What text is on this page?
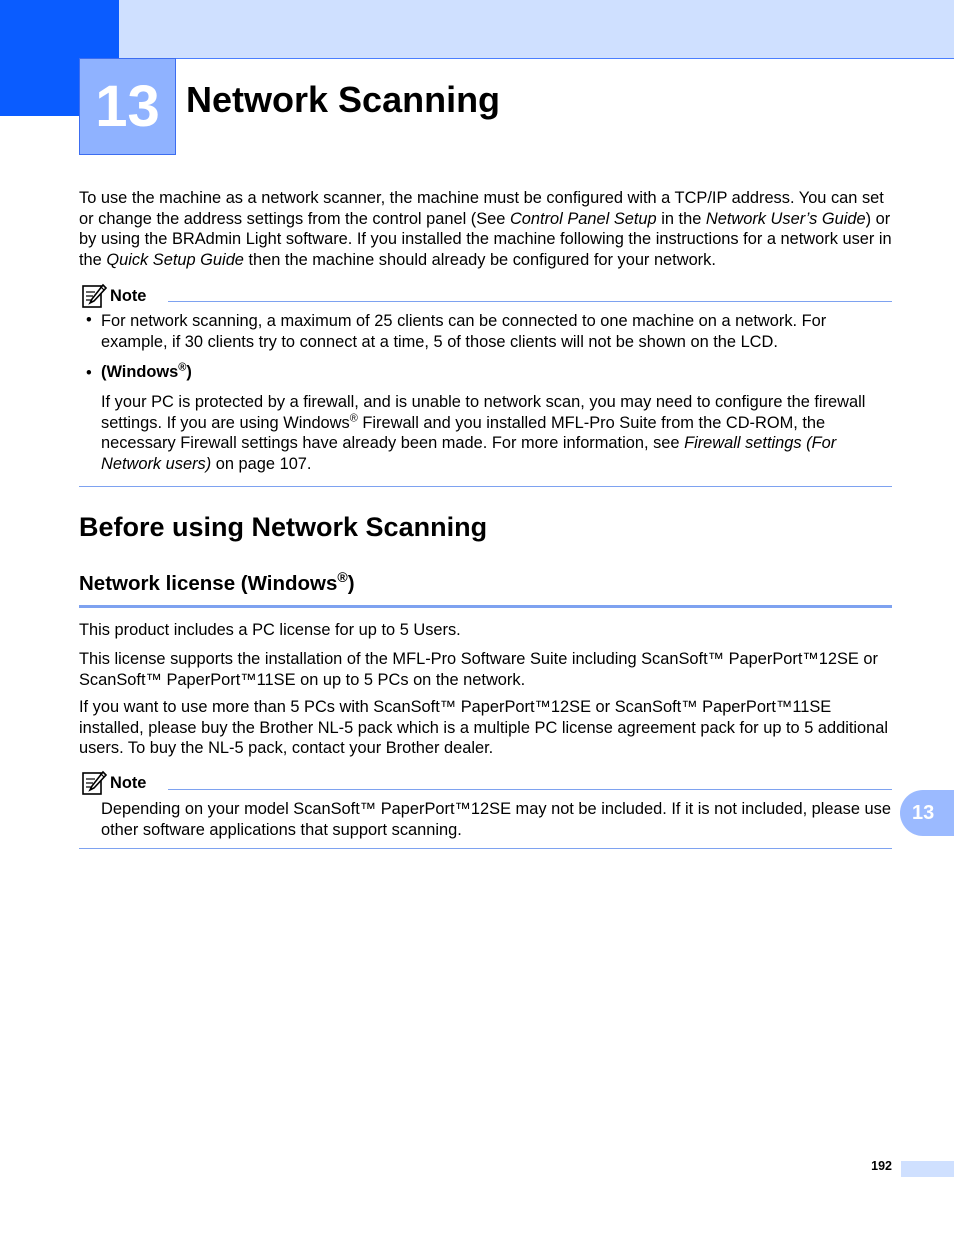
13 Network Scanning
To use the machine as a network scanner, the machine must be configured with a TCP/IP address. You can set or change the address settings from the control panel (See Control Panel Setup in the Network User’s Guide) or by using the BRAdmin Light software. If you installed the machine following the instructions for a network user in the Quick Setup Guide then the machine should already be configured for your network.
Note
• For network scanning, a maximum of 25 clients can be connected to one machine on a network. For example, if 30 clients try to connect at a time, 5 of those clients will not be shown on the LCD.
• (Windows®)
If your PC is protected by a firewall, and is unable to network scan, you may need to configure the firewall settings. If you are using Windows® Firewall and you installed MFL-Pro Suite from the CD-ROM, the necessary Firewall settings have already been made. For more information, see Firewall settings (For Network users) on page 107.
Before using Network Scanning
Network license (Windows®)
This product includes a PC license for up to 5 Users.
This license supports the installation of the MFL-Pro Software Suite including ScanSoft™ PaperPort™12SE or ScanSoft™ PaperPort™11SE on up to 5 PCs on the network.
If you want to use more than 5 PCs with ScanSoft™ PaperPort™12SE or ScanSoft™ PaperPort™11SE installed, please buy the Brother NL-5 pack which is a multiple PC license agreement pack for up to 5 additional users. To buy the NL-5 pack, contact your Brother dealer.
Note
Depending on your model ScanSoft™ PaperPort™12SE may not be included. If it is not included, please use other software applications that support scanning.
13
192
